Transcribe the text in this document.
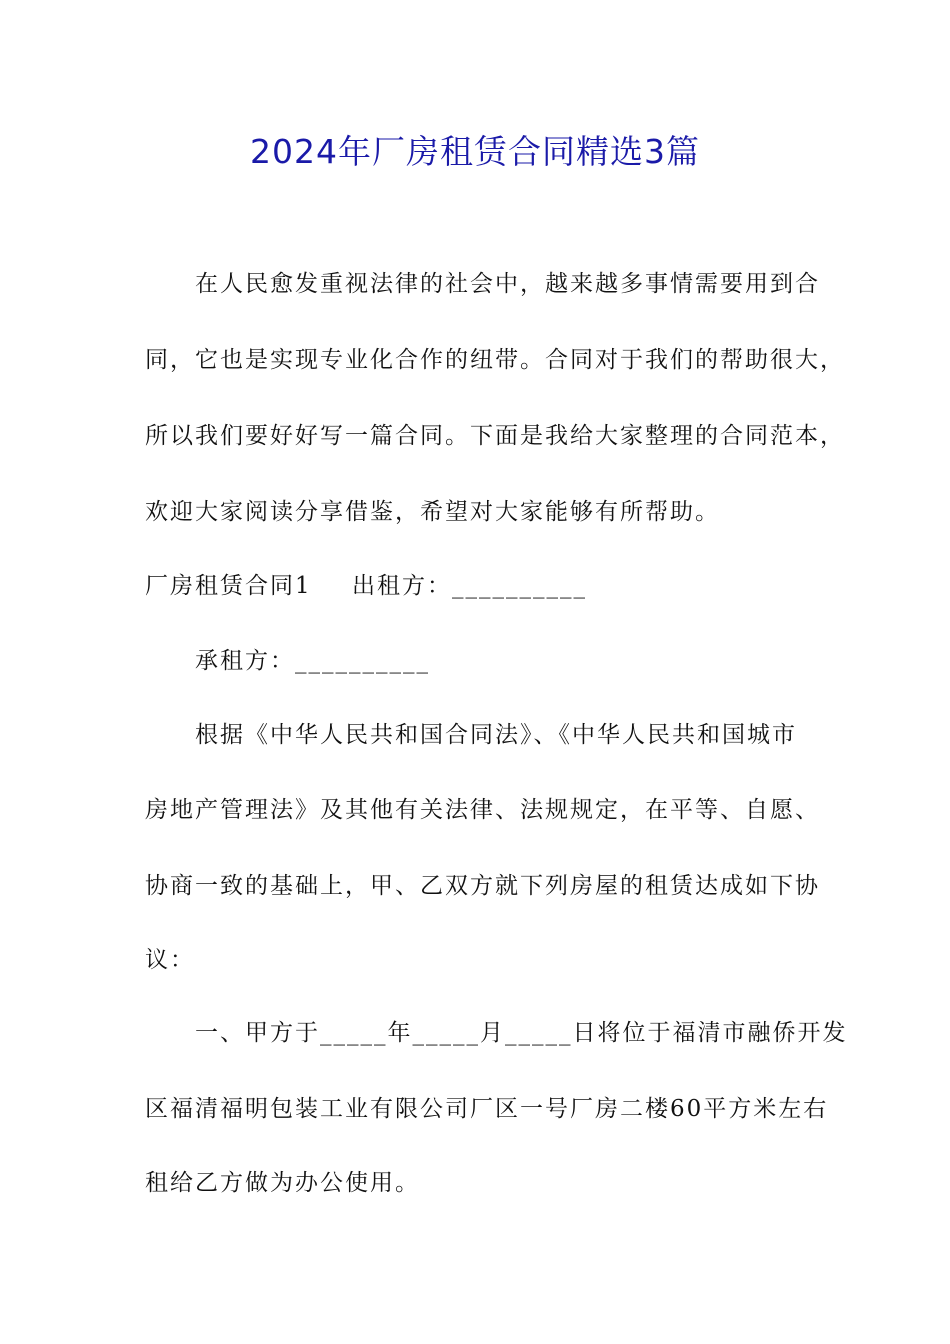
2024年厂房租赁合同精选3篇
在人民愈发重视法律的社会中，越来越多事情需要用到合
同，它也是实现专业化合作的纽带。合同对于我们的帮助很大，
所以我们要好好写一篇合同。下面是我给大家整理的合同范本，
欢迎大家阅读分享借鉴，希望对大家能够有所帮助。
厂房租赁合同1 出租方：__________
承租方：__________
根据《中华人民共和国合同法》、《中华人民共和国城市
房地产管理法》及其他有关法律、法规规定，在平等、自愿、
协商一致的基础上，甲、乙双方就下列房屋的租赁达成如下协
议：
一、甲方于_____年_____月_____日将位于福清市融侨开发
区福清福明包装工业有限公司厂区一号厂房二楼60平方米左右
租给乙方做为办公使用。
